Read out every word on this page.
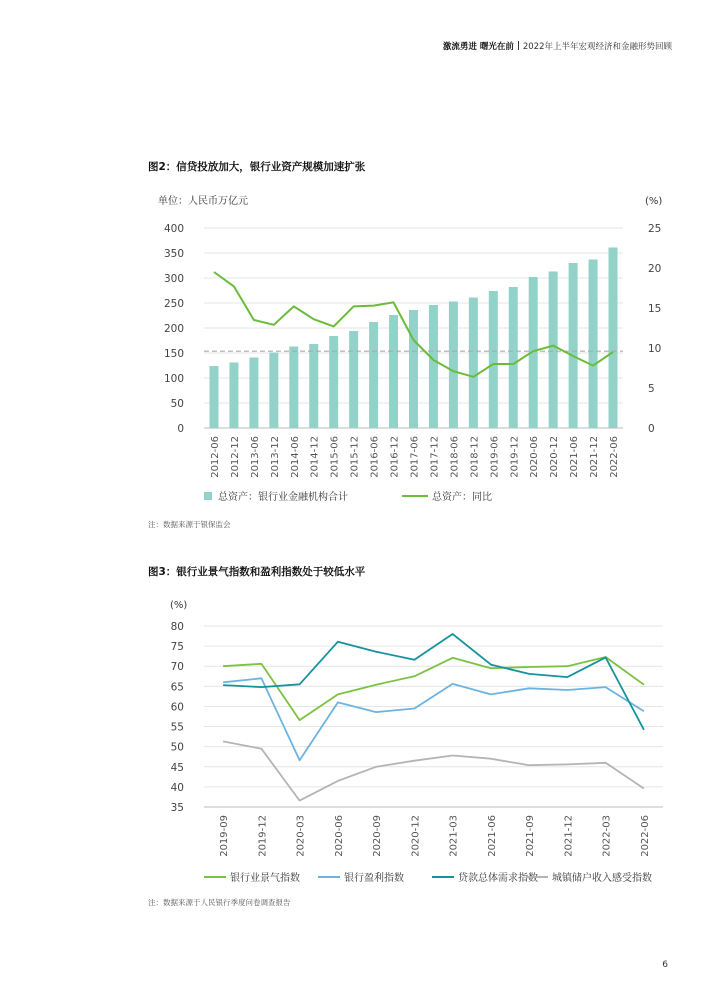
激流勇进 曙光在前 2022年上半年宏观经济和金融形势回顾
图2：信贷投放加大，银行业资产规模加速扩张
单位：人民币万亿元	(%)
0
50
100
150
200
250
300
350
400
0
5
10
15
20
25
2012-06 2012-12 2013-06 2013-12 2014-06 2014-12 2015-06 2015-12 2016-06 2016-12 2017-06 2017-12 2018-06 2018-12 2019-06 2019-12 2020-06 2020-12 2021-06 2021-12 2022-06
总资产：银行业金融机构合计	总资产：同比
注：数据来源于银保监会
图3：银行业景气指数和盈利指数处于较低水平
(%)
35
40
45
50
55
60
65
70
75
80
2019-09	2019-12	2020-03	2020-06	2020-09	2020-12	2021-03	2021-06	2021-09	2021-12	2022-03	2022-06
银行业景气指数	银行盈利指数	贷款总体需求指数 城镇储户收入感受指数
注：数据来源于人民银行季度问卷调查报告
6
